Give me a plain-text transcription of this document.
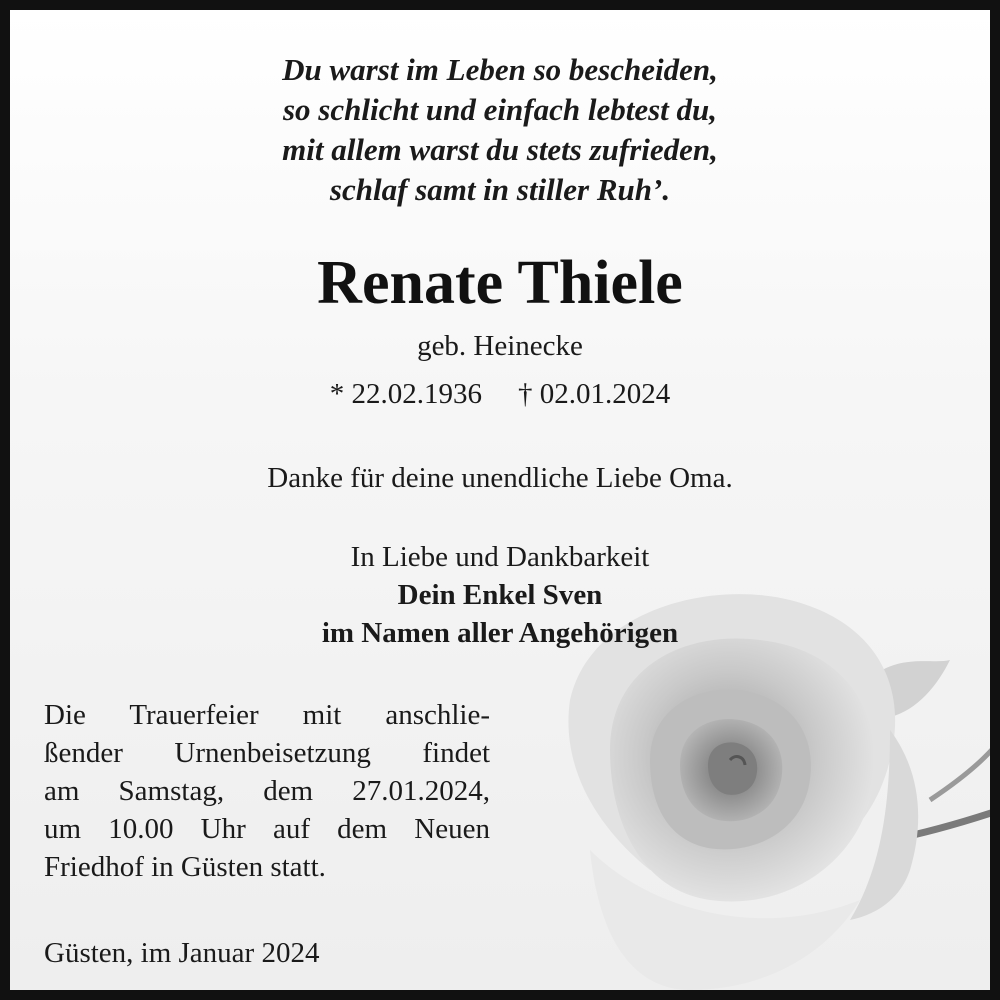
Du warst im Leben so bescheiden,
so schlicht und einfach lebtest du,
mit allem warst du stets zufrieden,
schlaf samt in stiller Ruh’.
Renate Thiele
geb. Heinecke
* 22.02.1936 † 02.01.2024
Danke für deine unendliche Liebe Oma.
In Liebe und Dankbarkeit
Dein Enkel Sven
im Namen aller Angehörigen
Die Trauerfeier mit anschlie-
ßender Urnenbeisetzung findet
am Samstag, dem 27.01.2024,
um 10.00 Uhr auf dem Neuen
Friedhof in Güsten statt.
Güsten, im Januar 2024
